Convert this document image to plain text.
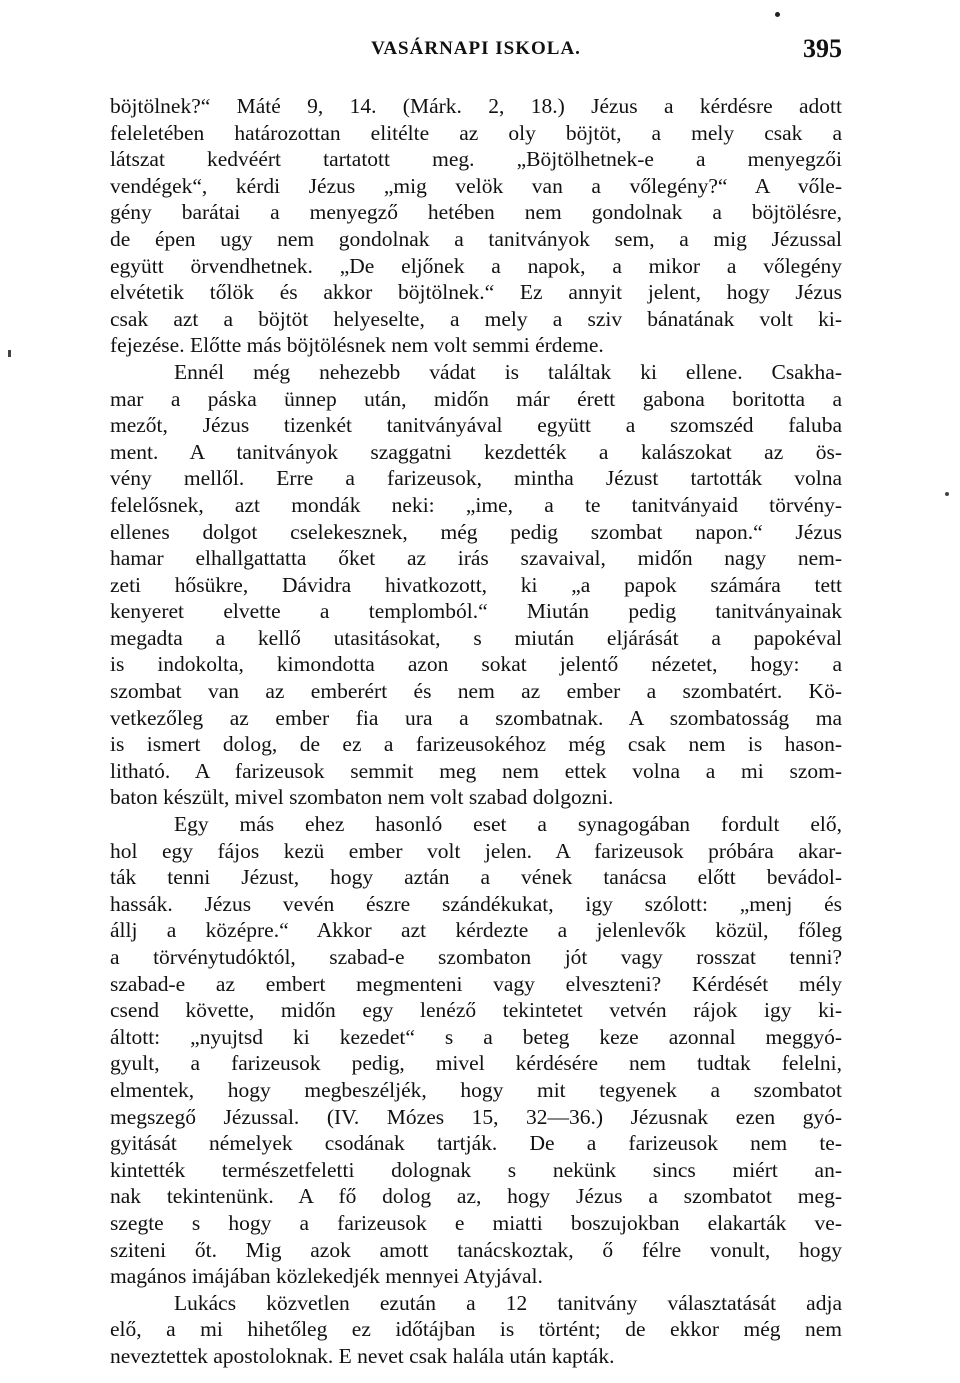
VASÁRNAPI ISKOLA.	395
böjtölnek?“ Máté 9, 14. (Márk. 2, 18.) Jézus a kérdésre adott
feleletében határozottan elitélte az oly böjtöt, a mely csak a
látszat kedvéért tartatott meg. „Böjtölhetnek-e a menyegzői
vendégek“, kérdi Jézus „mig velök van a vőlegény?“ A vőle-
gény barátai a menyegző hetében nem gondolnak a böjtölésre,
de épen ugy nem gondolnak a tanitványok sem, a mig Jézussal
együtt örvendhetnek. „De eljőnek a napok, a mikor a vőlegény
elvétetik tőlök és akkor böjtölnek.“ Ez annyit jelent, hogy Jézus
csak azt a böjtöt helyeselte, a mely a sziv bánatának volt ki-
fejezése. Előtte más böjtölésnek nem volt semmi érdeme.
Ennél még nehezebb vádat is találtak ki ellene. Csakha-
mar a páska ünnep után, midőn már érett gabona boritotta a
mezőt, Jézus tizenkét tanitványával együtt a szomszéd faluba
ment. A tanitványok szaggatni kezdették a kalászokat az ös-
vény mellől. Erre a farizeusok, mintha Jézust tartották volna
felelősnek, azt mondák neki: „ime, a te tanitványaid törvény-
ellenes dolgot cselekesznek, még pedig szombat napon.“ Jézus
hamar elhallgattatta őket az irás szavaival, midőn nagy nem-
zeti hősükre, Dávidra hivatkozott, ki „a papok számára tett
kenyeret elvette a templomból.“ Miután pedig tanitványainak
megadta a kellő utasitásokat, s miután eljárását a papokéval
is indokolta, kimondotta azon sokat jelentő nézetet, hogy: a
szombat van az emberért és nem az ember a szombatért. Kö-
vetkezőleg az ember fia ura a szombatnak. A szombatosság ma
is ismert dolog, de ez a farizeusokéhoz még csak nem is hason-
litható. A farizeusok semmit meg nem ettek volna a mi szom-
baton készült, mivel szombaton nem volt szabad dolgozni.
Egy más ehez hasonló eset a synagogában fordult elő,
hol egy fájos kezü ember volt jelen. A farizeusok próbára akar-
ták tenni Jézust, hogy aztán a vének tanácsa előtt bevádol-
hassák. Jézus vevén észre szándékukat, igy szólott: „menj és
állj a középre.“ Akkor azt kérdezte a jelenlevők közül, főleg
a törvénytudóktól, szabad-e szombaton jót vagy rosszat tenni?
szabad-e az embert megmenteni vagy elveszteni? Kérdését mély
csend követte, midőn egy lenéző tekintetet vetvén rájok igy ki-
áltott: „nyujtsd ki kezedet“ s a beteg keze azonnal meggyó-
gyult, a farizeusok pedig, mivel kérdésére nem tudtak felelni,
elmentek, hogy megbeszéljék, hogy mit tegyenek a szombatot
megszegő Jézussal. (IV. Mózes 15, 32—36.) Jézusnak ezen gyó-
gyitását némelyek csodának tartják. De a farizeusok nem te-
kintették természetfeletti dolognak s nekünk sincs miért an-
nak tekintenünk. A fő dolog az, hogy Jézus a szombatot meg-
szegte s hogy a farizeusok e miatti boszujokban elakarták ve-
sziteni őt. Mig azok amott tanácskoztak, ő félre vonult, hogy
magános imájában közlekedjék mennyei Atyjával.
Lukács közvetlen ezután a 12 tanitvány választatását adja
elő, a mi hihetőleg ez időtájban is történt; de ekkor még nem
neveztettek apostoloknak. E nevet csak halála után kapták.
